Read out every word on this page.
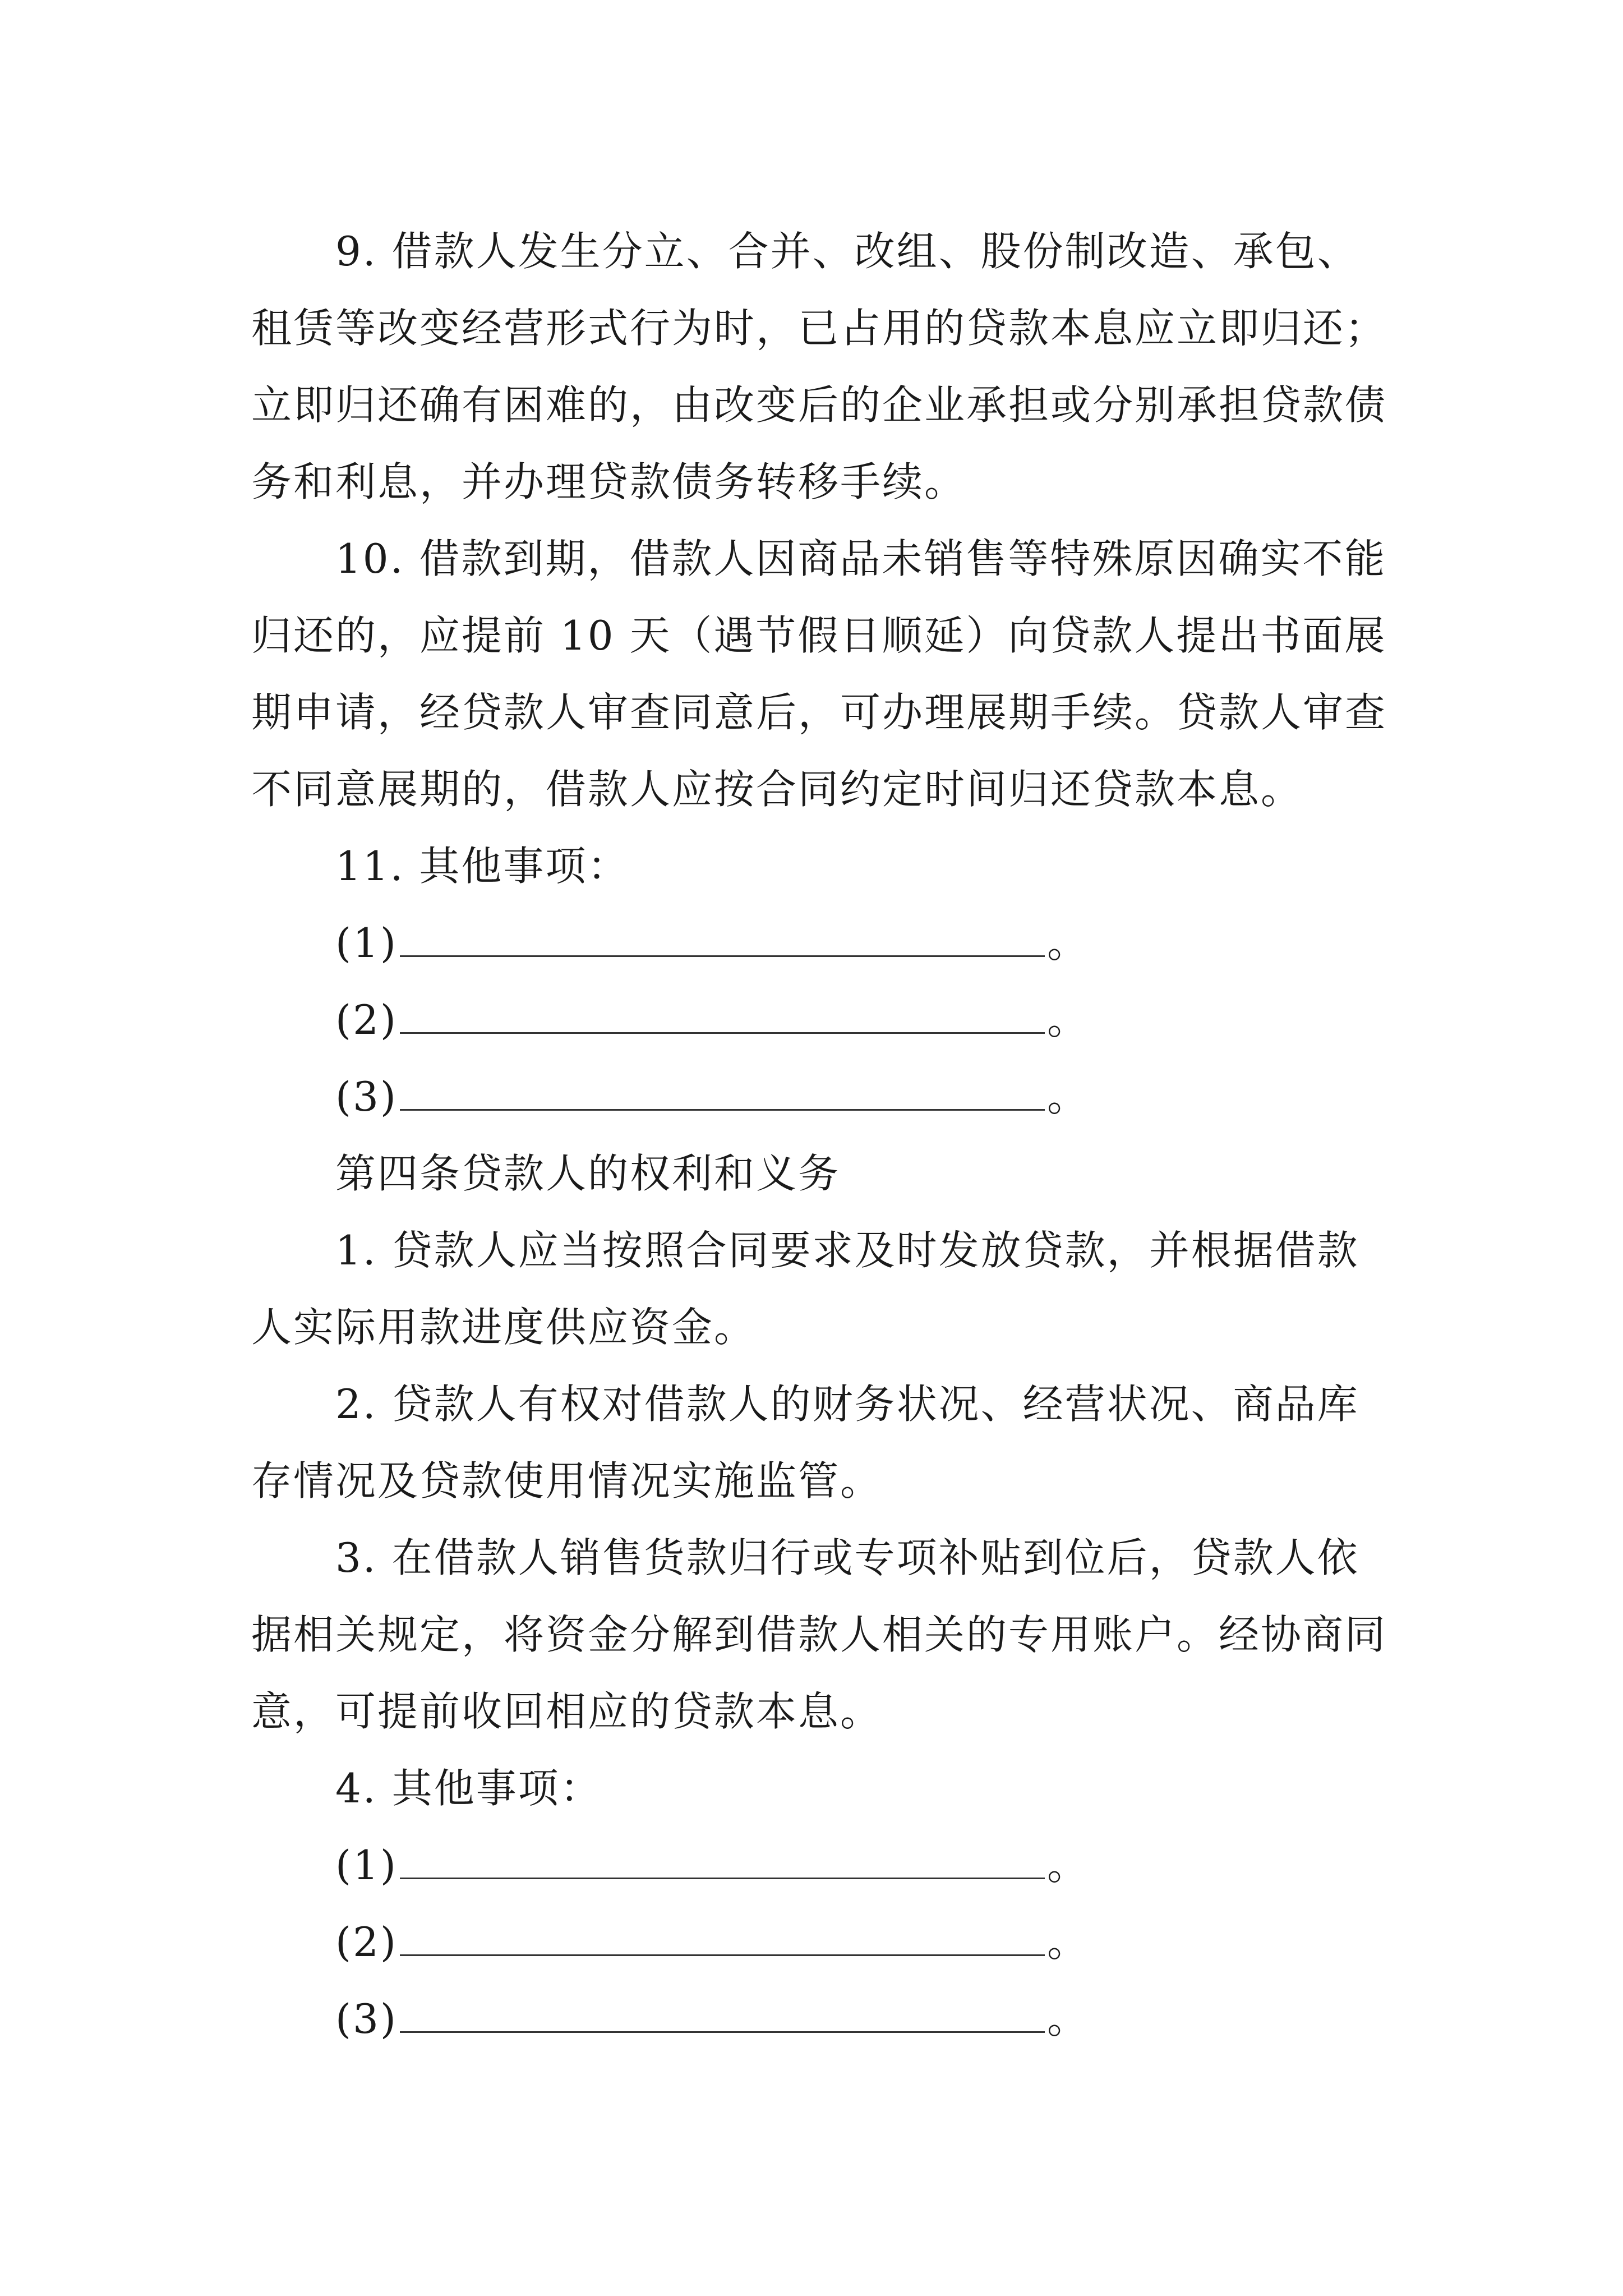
9. 借款人发生分立、合并、改组、股份制改造、承包、租赁等改变经营形式行为时，已占用的贷款本息应立即归还；立即归还确有困难的，由改变后的企业承担或分别承担贷款债务和利息，并办理贷款债务转移手续。

10. 借款到期，借款人因商品未销售等特殊原因确实不能归还的，应提前 10 天（遇节假日顺延）向贷款人提出书面展期申请，经贷款人审查同意后，可办理展期手续。贷款人审查不同意展期的，借款人应按合同约定时间归还贷款本息。

11. 其他事项：

(1)	。

(2)	。

(3)	。

第四条贷款人的权利和义务

1. 贷款人应当按照合同要求及时发放贷款，并根据借款人实际用款进度供应资金。

2. 贷款人有权对借款人的财务状况、经营状况、商品库存情况及贷款使用情况实施监管。

3. 在借款人销售货款归行或专项补贴到位后，贷款人依据相关规定，将资金分解到借款人相关的专用账户。经协商同意，可提前收回相应的贷款本息。

4. 其他事项：

(1)	。

(2)	。

(3)	。
